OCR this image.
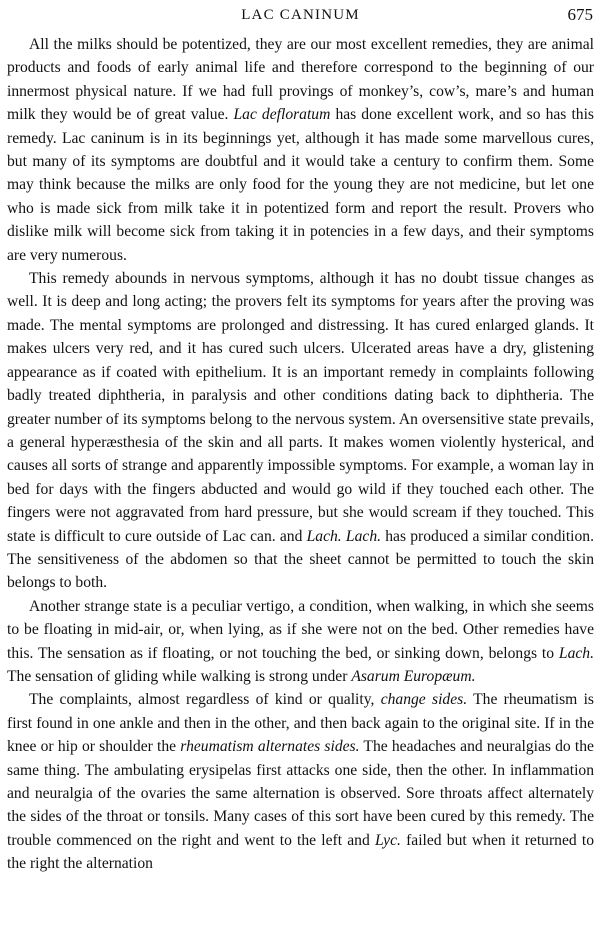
LAC CANINUM	675

All the milks should be potentized, they are our most excellent remedies, they are animal products and foods of early animal life and therefore correspond to the beginning of our innermost physical nature. If we had full provings of monkey’s, cow’s, mare’s and human milk they would be of great value. Lac defloratum has done excellent work, and so has this remedy. Lac caninum is in its beginnings yet, although it has made some marvellous cures, but many of its symptoms are doubtful and it would take a century to confirm them. Some may think because the milks are only food for the young they are not medicine, but let one who is made sick from milk take it in potentized form and report the result. Provers who dislike milk will become sick from taking it in potencies in a few days, and their symptoms are very numerous.

This remedy abounds in nervous symptoms, although it has no doubt tissue changes as well. It is deep and long acting; the provers felt its symptoms for years after the proving was made. The mental symptoms are prolonged and distressing. It has cured enlarged glands. It makes ulcers very red, and it has cured such ulcers. Ulcerated areas have a dry, glistening appearance as if coated with epithelium. It is an important remedy in complaints following badly treated diphtheria, in paralysis and other conditions dating back to diphtheria. The greater number of its symptoms belong to the nervous system. An oversensitive state prevails, a general hyperæsthesia of the skin and all parts. It makes women violently hysterical, and causes all sorts of strange and apparently impossible symptoms. For example, a woman lay in bed for days with the fingers abducted and would go wild if they touched each other. The fingers were not aggravated from hard pressure, but she would scream if they touched. This state is difficult to cure outside of Lac can. and Lach. Lach. has produced a similar condition. The sensitiveness of the abdomen so that the sheet cannot be permitted to touch the skin belongs to both.

Another strange state is a peculiar vertigo, a condition, when walking, in which she seems to be floating in mid-air, or, when lying, as if she were not on the bed. Other remedies have this. The sensation as if floating, or not touching the bed, or sinking down, belongs to Lach. The sensation of gliding while walking is strong under Asarum Europæum.

The complaints, almost regardless of kind or quality, change sides. The rheumatism is first found in one ankle and then in the other, and then back again to the original site. If in the knee or hip or shoulder the rheumatism alternates sides. The headaches and neuralgias do the same thing. The ambulating erysipelas first attacks one side, then the other. In inflammation and neuralgia of the ovaries the same alternation is observed. Sore throats affect alternately the sides of the throat or tonsils. Many cases of this sort have been cured by this remedy. The trouble commenced on the right and went to the left and Lyc. failed but when it returned to the right the alternation
